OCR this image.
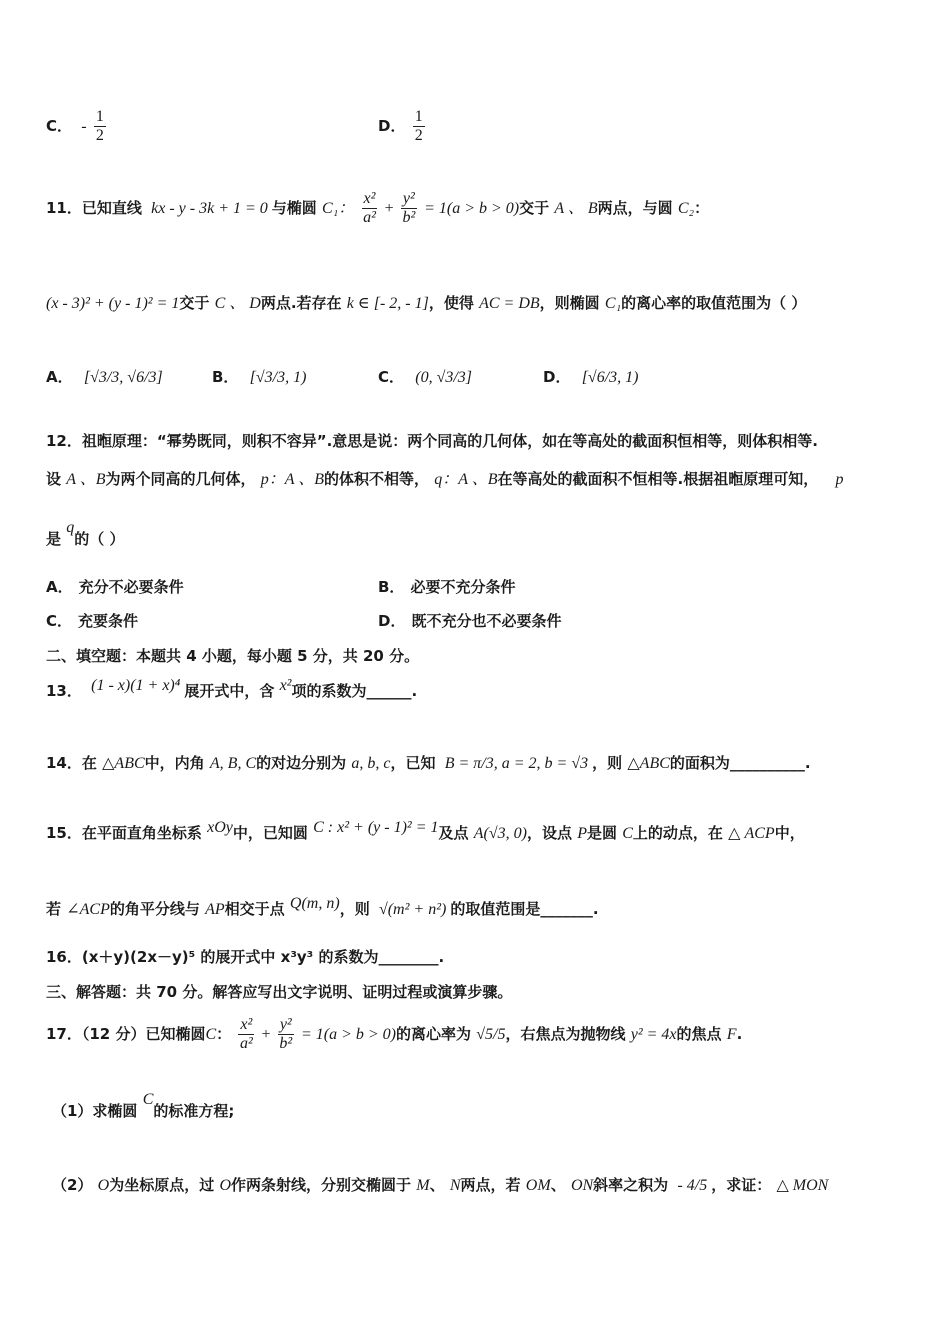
C． - $\frac{1}{2}$	D． $\frac{1}{2}$
11．已知直线 kx - y - 3k + 1 = 0 与椭圆 C₁： $\frac{\text{x²}}{\text{a²}} + \frac{\text{y²}}{\text{b²}} = 1(a > b > 0)$交于 A 、 B两点，与圆 C₂：
(x - 3)² + (y - 1)² = 1交于 C 、 D两点.若存在 k ∈ [- 2, - 1]，使得 AC = DB，则椭圆 C₁的离心率的取值范围为（ ）
A． [√3/3, √6/3]	B． [√3/3, 1)	C． (0, √3/3]	D． [√6/3, 1)
12．祖暅原理：“幂势既同，则积不容异”.意思是说：两个同高的几何体，如在等高处的截面积恒相等，则体积相等.
设 A 、B为两个同高的几何体， p：A 、B的体积不相等， q：A 、B在等高处的截面积不恒相等.根据祖暅原理可知， p
是 q的（ ）
A． 充分不必要条件	B． 必要不充分条件
C． 充要条件	D． 既不充分也不必要条件
二、填空题：本题共 4 小题，每小题 5 分，共 20 分。
13． (1 - x)(1 + x)⁴ 展开式中，含 x²项的系数为______.
14．在 △ABC中，内角 A, B, C的对边分别为 a, b, c，已知 B = π/3, a = 2, b = √3 ，则 △ABC的面积为__________.
15．在平面直角坐标系 xOy中，已知圆 C : x² + (y - 1)² = 1及点 A(√3, 0)，设点 P是圆 C上的动点，在 △ ACP中，
若 ∠ACP的角平分线与 AP相交于点 Q(m, n)，则 √(m² + n²) 的取值范围是_______.
16．(x＋y)(2x－y)⁵ 的展开式中 x³y³ 的系数为________.
三、解答题：共 70 分。解答应写出文字说明、证明过程或演算步骤。
17．（12 分）已知椭圆C： $\frac{\text{x²}}{\text{a²}} + \frac{\text{y²}}{\text{b²}} = 1(a > b > 0)$的离心率为 √5/5，右焦点为抛物线 y² = 4x的焦点 F.
（1）求椭圆 C的标准方程;
（2） O为坐标原点，过 O作两条射线，分别交椭圆于 M、 N两点，若 OM、 ON斜率之积为 - 4/5 ，求证： △ MON
